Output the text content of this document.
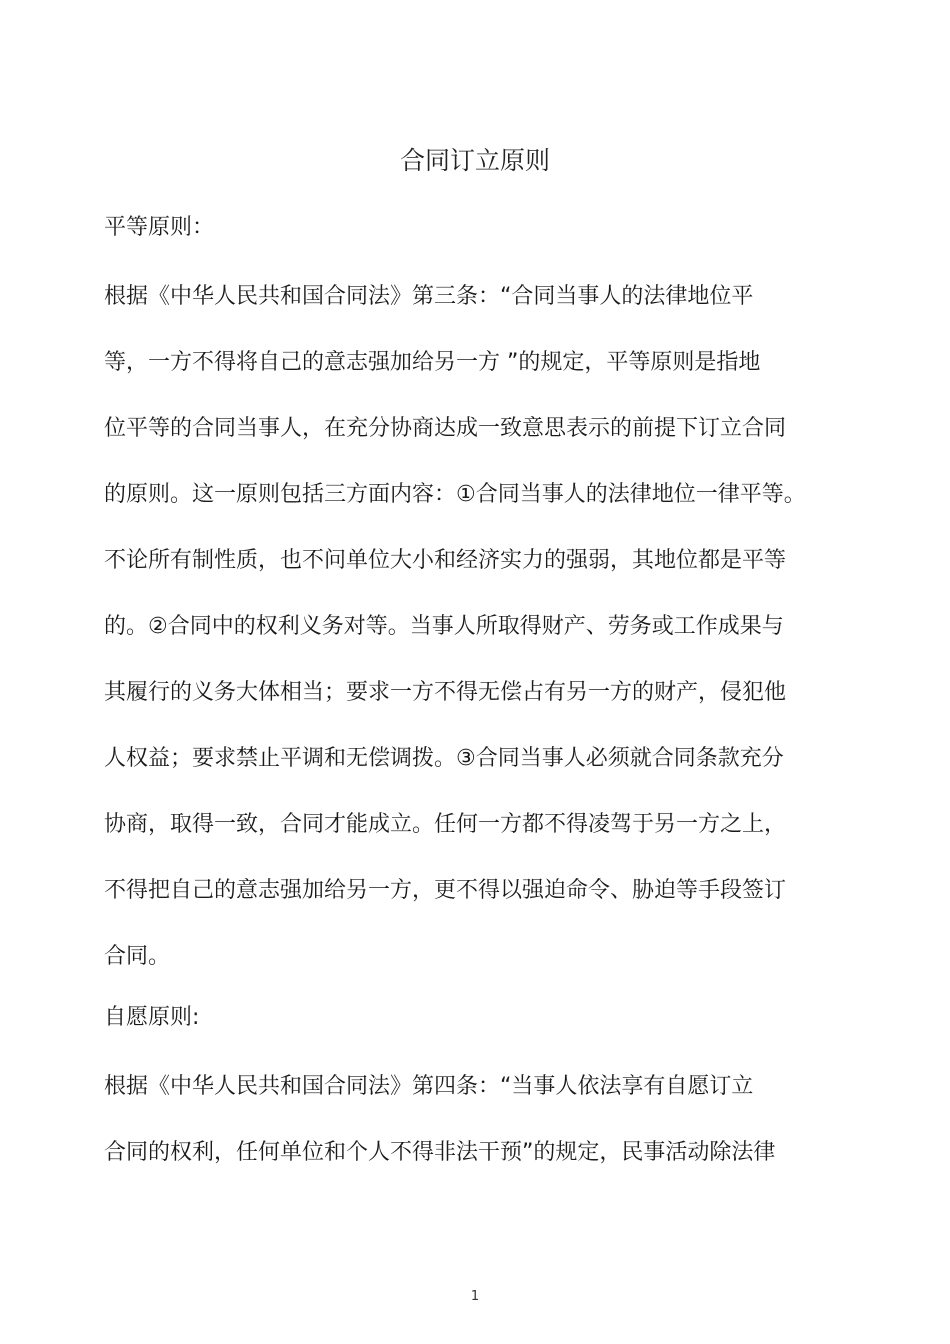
合同订立原则
平等原则：

根据《中华人民共和国合同法》第三条：“合同当事人的法律地位平

等，一方不得将自己的意志强加给另一方 ”的规定，平等原则是指地

位平等的合同当事人，在充分协商达成一致意思表示的前提下订立合同

的原则。这一原则包括三方面内容：①合同当事人的法律地位一律平等。

不论所有制性质，也不问单位大小和经济实力的强弱，其地位都是平等

的。②合同中的权利义务对等。当事人所取得财产、劳务或工作成果与

其履行的义务大体相当；要求一方不得无偿占有另一方的财产，侵犯他

人权益；要求禁止平调和无偿调拨。③合同当事人必须就合同条款充分

协商，取得一致，合同才能成立。任何一方都不得凌驾于另一方之上，

不得把自己的意志强加给另一方，更不得以强迫命令、胁迫等手段签订

合同。

自愿原则:

根据《中华人民共和国合同法》第四条：“当事人依法享有自愿订立

合同的权利，任何单位和个人不得非法干预”的规定，民事活动除法律

1
